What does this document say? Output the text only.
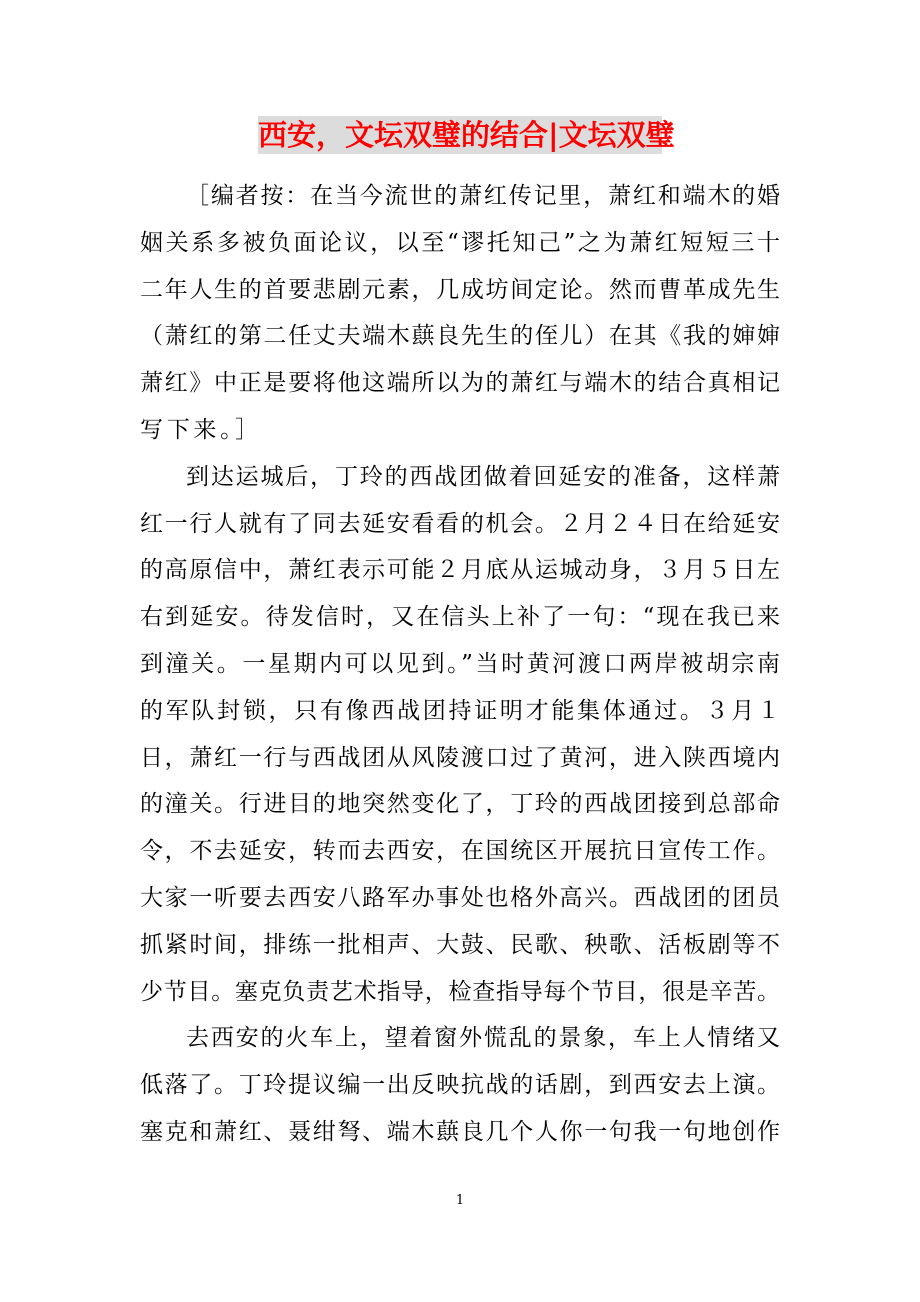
西安，文坛双璧的结合|文坛双璧
［编者按：在当今流世的萧红传记里，萧红和端木的婚
姻关系多被负面论议，以至“谬托知己”之为萧红短短三十
二年人生的首要悲剧元素，几成坊间定论。然而曹革成先生
（萧红的第二任丈夫端木蕻良先生的侄儿）在其《我的婶婶
萧红》中正是要将他这端所以为的萧红与端木的结合真相记
写下来。］
到达运城后，丁玲的西战团做着回延安的准备，这样萧
红一行人就有了同去延安看看的机会。２月２４日在给延安
的高原信中，萧红表示可能２月底从运城动身，３月５日左
右到延安。待发信时，又在信头上补了一句：“现在我已来
到潼关。一星期内可以见到。”当时黄河渡口两岸被胡宗南
的军队封锁，只有像西战团持证明才能集体通过。３月１
日，萧红一行与西战团从风陵渡口过了黄河，进入陕西境内
的潼关。行进目的地突然变化了，丁玲的西战团接到总部命
令，不去延安，转而去西安，在国统区开展抗日宣传工作。
大家一听要去西安八路军办事处也格外高兴。西战团的团员
抓紧时间，排练一批相声、大鼓、民歌、秧歌、活板剧等不
少节目。塞克负责艺术指导，检查指导每个节目，很是辛苦。
去西安的火车上，望着窗外慌乱的景象，车上人情绪又
低落了。丁玲提议编一出反映抗战的话剧，到西安去上演。
塞克和萧红、聂绀弩、端木蕻良几个人你一句我一句地创作
1
